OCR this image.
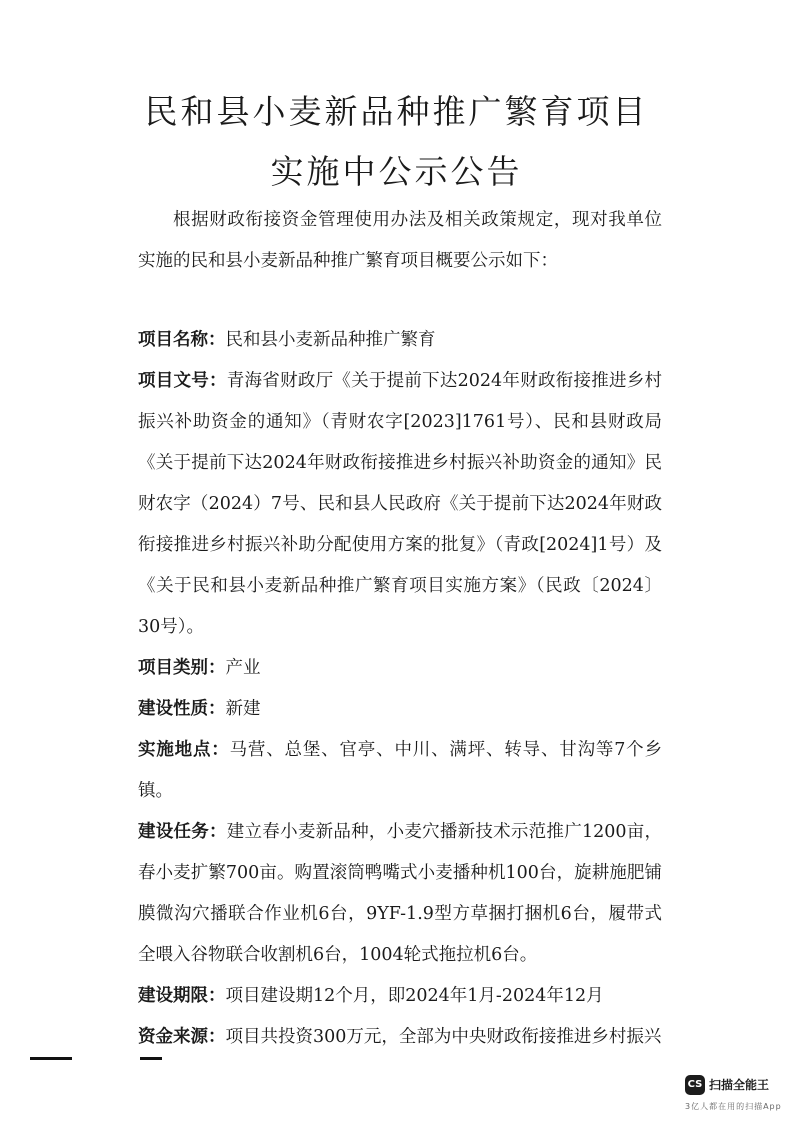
民和县小麦新品种推广繁育项目
实施中公示公告
根据财政衔接资金管理使用办法及相关政策规定，现对我单位实施的民和县小麦新品种推广繁育项目概要公示如下：

项目名称：民和县小麦新品种推广繁育

项目文号：青海省财政厅《关于提前下达2024年财政衔接推进乡村振兴补助资金的通知》（青财农字[2023]1761号）、民和县财政局《关于提前下达2024年财政衔接推进乡村振兴补助资金的通知》民财农字（2024）7号、民和县人民政府《关于提前下达2024年财政衔接推进乡村振兴补助分配使用方案的批复》（青政[2024]1号）及《关于民和县小麦新品种推广繁育项目实施方案》（民政〔2024〕30号）。

项目类别：产业

建设性质：新建

实施地点：马营、总堡、官亭、中川、满坪、转导、甘沟等7个乡镇。

建设任务：建立春小麦新品种，小麦穴播新技术示范推广1200亩，春小麦扩繁700亩。购置滚筒鸭嘴式小麦播种机100台，旋耕施肥铺膜微沟穴播联合作业机6台，9YF-1.9型方草捆打捆机6台，履带式全喂入谷物联合收割机6台，1004轮式拖拉机6台。

建设期限：项目建设期12个月，即2024年1月-2024年12月

资金来源：项目共投资300万元，全部为中央财政衔接推进乡村振兴

CS 扫描全能王
3亿人都在用的扫描App
